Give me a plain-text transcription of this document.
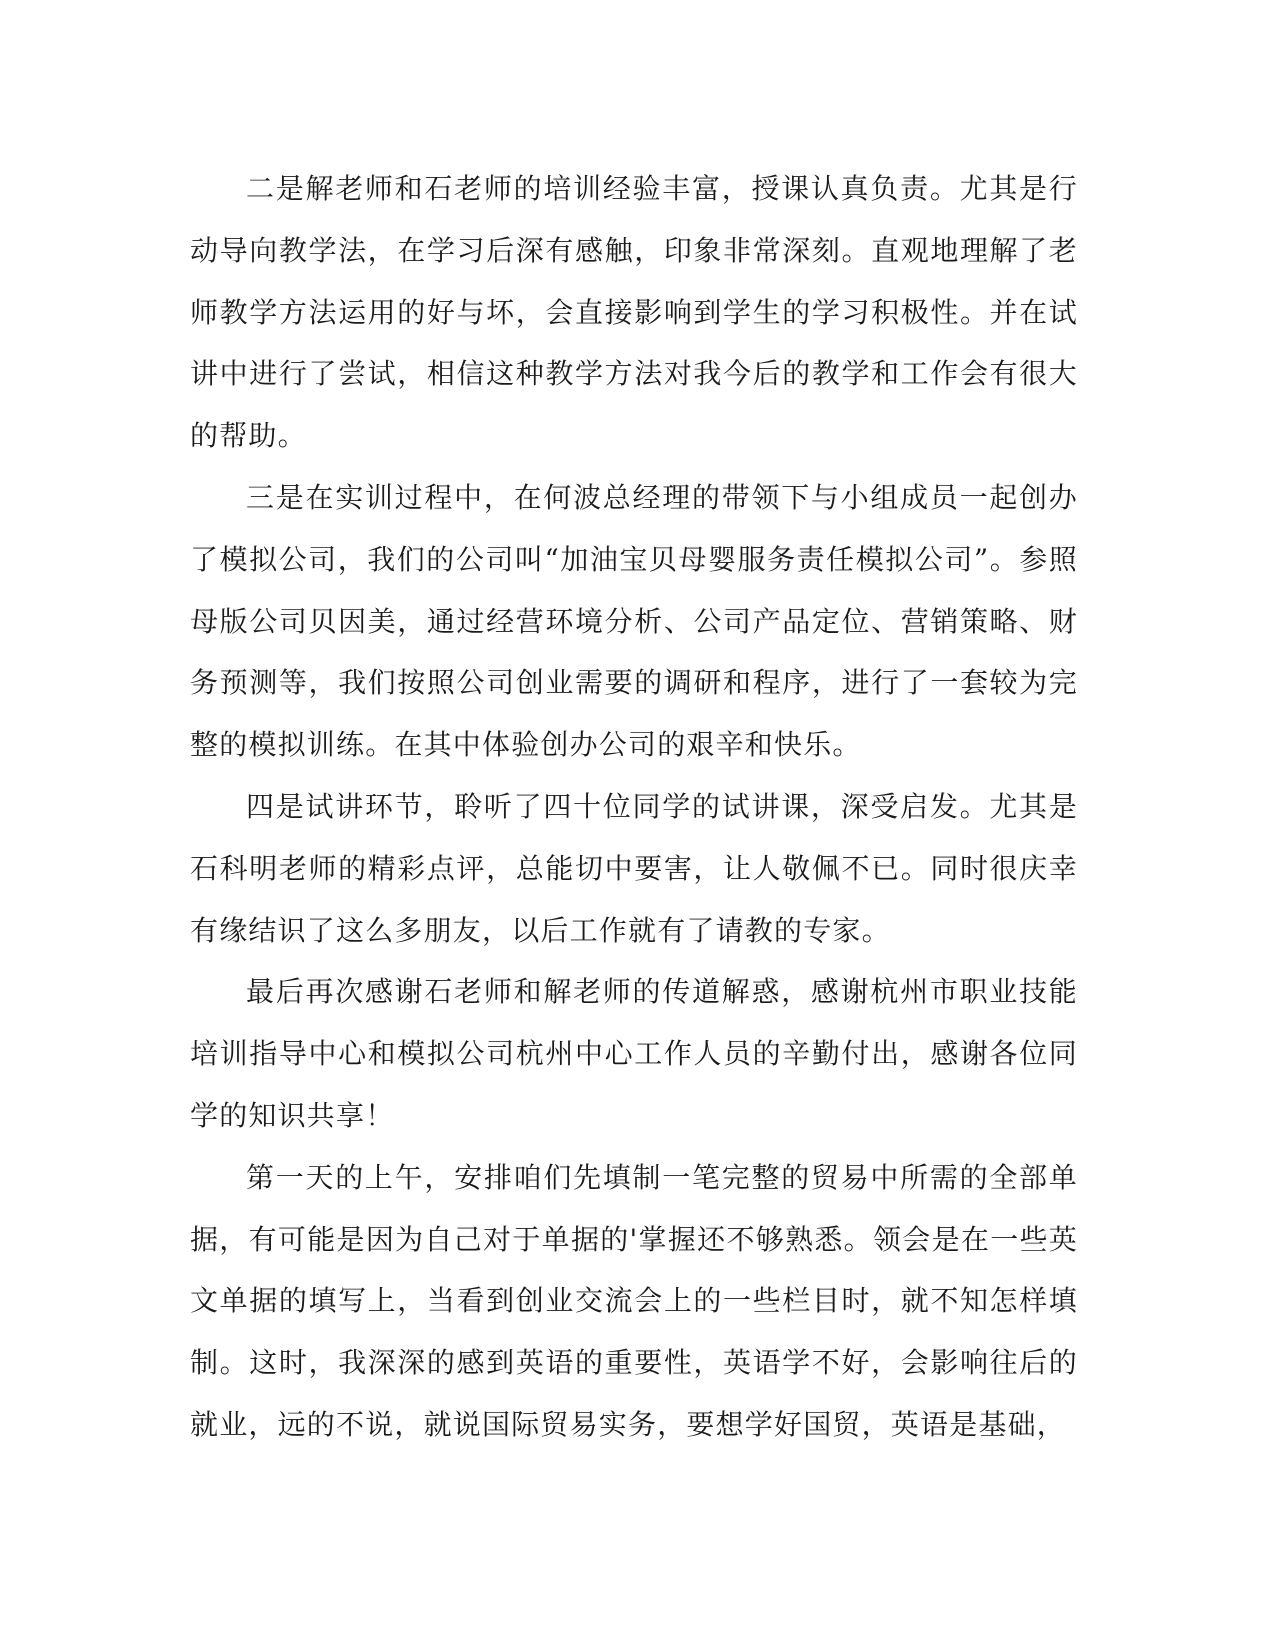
二是解老师和石老师的培训经验丰富，授课认真负责。尤其是行动导向教学法，在学习后深有感触，印象非常深刻。直观地理解了老师教学方法运用的好与坏，会直接影响到学生的学习积极性。并在试讲中进行了尝试，相信这种教学方法对我今后的教学和工作会有很大的帮助。

三是在实训过程中，在何波总经理的带领下与小组成员一起创办了模拟公司，我们的公司叫“加油宝贝母婴服务责任模拟公司”。参照母版公司贝因美，通过经营环境分析、公司产品定位、营销策略、财务预测等，我们按照公司创业需要的调研和程序，进行了一套较为完整的模拟训练。在其中体验创办公司的艰辛和快乐。

四是试讲环节，聆听了四十位同学的试讲课，深受启发。尤其是石科明老师的精彩点评，总能切中要害，让人敬佩不已。同时很庆幸有缘结识了这么多朋友，以后工作就有了请教的专家。

最后再次感谢石老师和解老师的传道解惑，感谢杭州市职业技能培训指导中心和模拟公司杭州中心工作人员的辛勤付出，感谢各位同学的知识共享！

第一天的上午，安排咱们先填制一笔完整的贸易中所需的全部单据，有可能是因为自己对于单据的'掌握还不够熟悉。领会是在一些英文单据的填写上，当看到创业交流会上的一些栏目时，就不知怎样填制。这时，我深深的感到英语的重要性，英语学不好，会影响往后的就业，远的不说，就说国际贸易实务，要想学好国贸，英语是基础，
